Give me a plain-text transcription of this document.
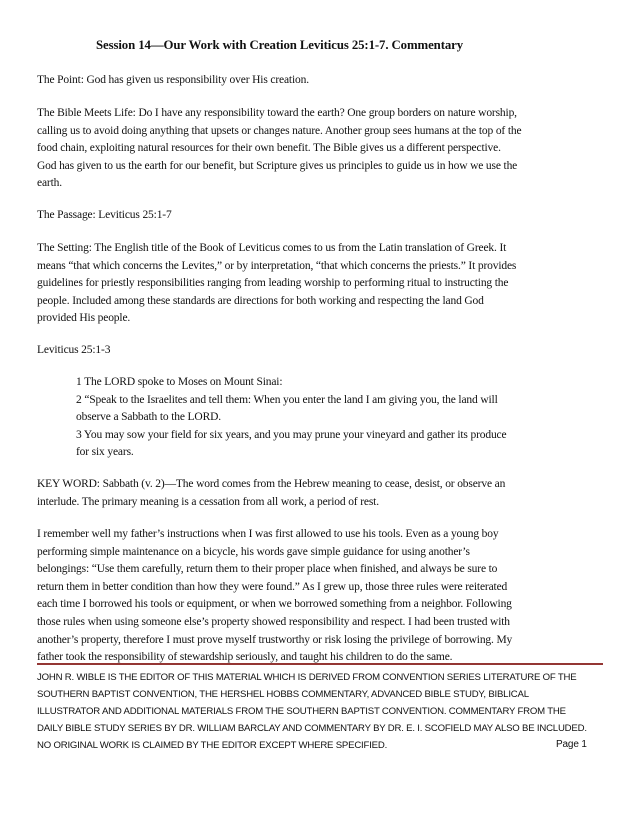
Session 14—Our Work with Creation Leviticus 25:1-7. Commentary
The Point: God has given us responsibility over His creation.
The Bible Meets Life: Do I have any responsibility toward the earth? One group borders on nature worship,
calling us to avoid doing anything that upsets or changes nature. Another group sees humans at the top of the
food chain, exploiting natural resources for their own benefit. The Bible gives us a different perspective.
God has given to us the earth for our benefit, but Scripture gives us principles to guide us in how we use the
earth.
The Passage: Leviticus 25:1-7
The Setting: The English title of the Book of Leviticus comes to us from the Latin translation of Greek. It
means “that which concerns the Levites,” or by interpretation, “that which concerns the priests.” It provides
guidelines for priestly responsibilities ranging from leading worship to performing ritual to instructing the
people. Included among these standards are directions for both working and respecting the land God
provided His people.
Leviticus 25:1-3
1 The LORD spoke to Moses on Mount Sinai:
2 “Speak to the Israelites and tell them: When you enter the land I am giving you, the land will
observe a Sabbath to the LORD.
3 You may sow your field for six years, and you may prune your vineyard and gather its produce
for six years.
KEY WORD: Sabbath (v. 2)—The word comes from the Hebrew meaning to cease, desist, or observe an
interlude. The primary meaning is a cessation from all work, a period of rest.
I remember well my father’s instructions when I was first allowed to use his tools. Even as a young boy
performing simple maintenance on a bicycle, his words gave simple guidance for using another’s
belongings: “Use them carefully, return them to their proper place when finished, and always be sure to
return them in better condition than how they were found.” As I grew up, those three rules were reiterated
each time I borrowed his tools or equipment, or when we borrowed something from a neighbor. Following
those rules when using someone else’s property showed responsibility and respect. I had been trusted with
another’s property, therefore I must prove myself trustworthy or risk losing the privilege of borrowing. My
father took the responsibility of stewardship seriously, and taught his children to do the same.
JOHN R. WIBLE IS THE EDITOR OF THIS MATERIAL WHICH IS DERIVED FROM CONVENTION SERIES LITERATURE OF THE
SOUTHERN BAPTIST CONVENTION, THE HERSHEL HOBBS COMMENTARY, ADVANCED BIBLE STUDY, BIBLICAL
ILLUSTRATOR AND ADDITIONAL MATERIALS FROM THE SOUTHERN BAPTIST CONVENTION. COMMENTARY FROM THE
DAILY BIBLE STUDY SERIES BY DR. WILLIAM BARCLAY AND COMMENTARY BY DR. E. I. SCOFIELD MAY ALSO BE INCLUDED.
NO ORIGINAL WORK IS CLAIMED BY THE EDITOR EXCEPT WHERE SPECIFIED.	Page 1
